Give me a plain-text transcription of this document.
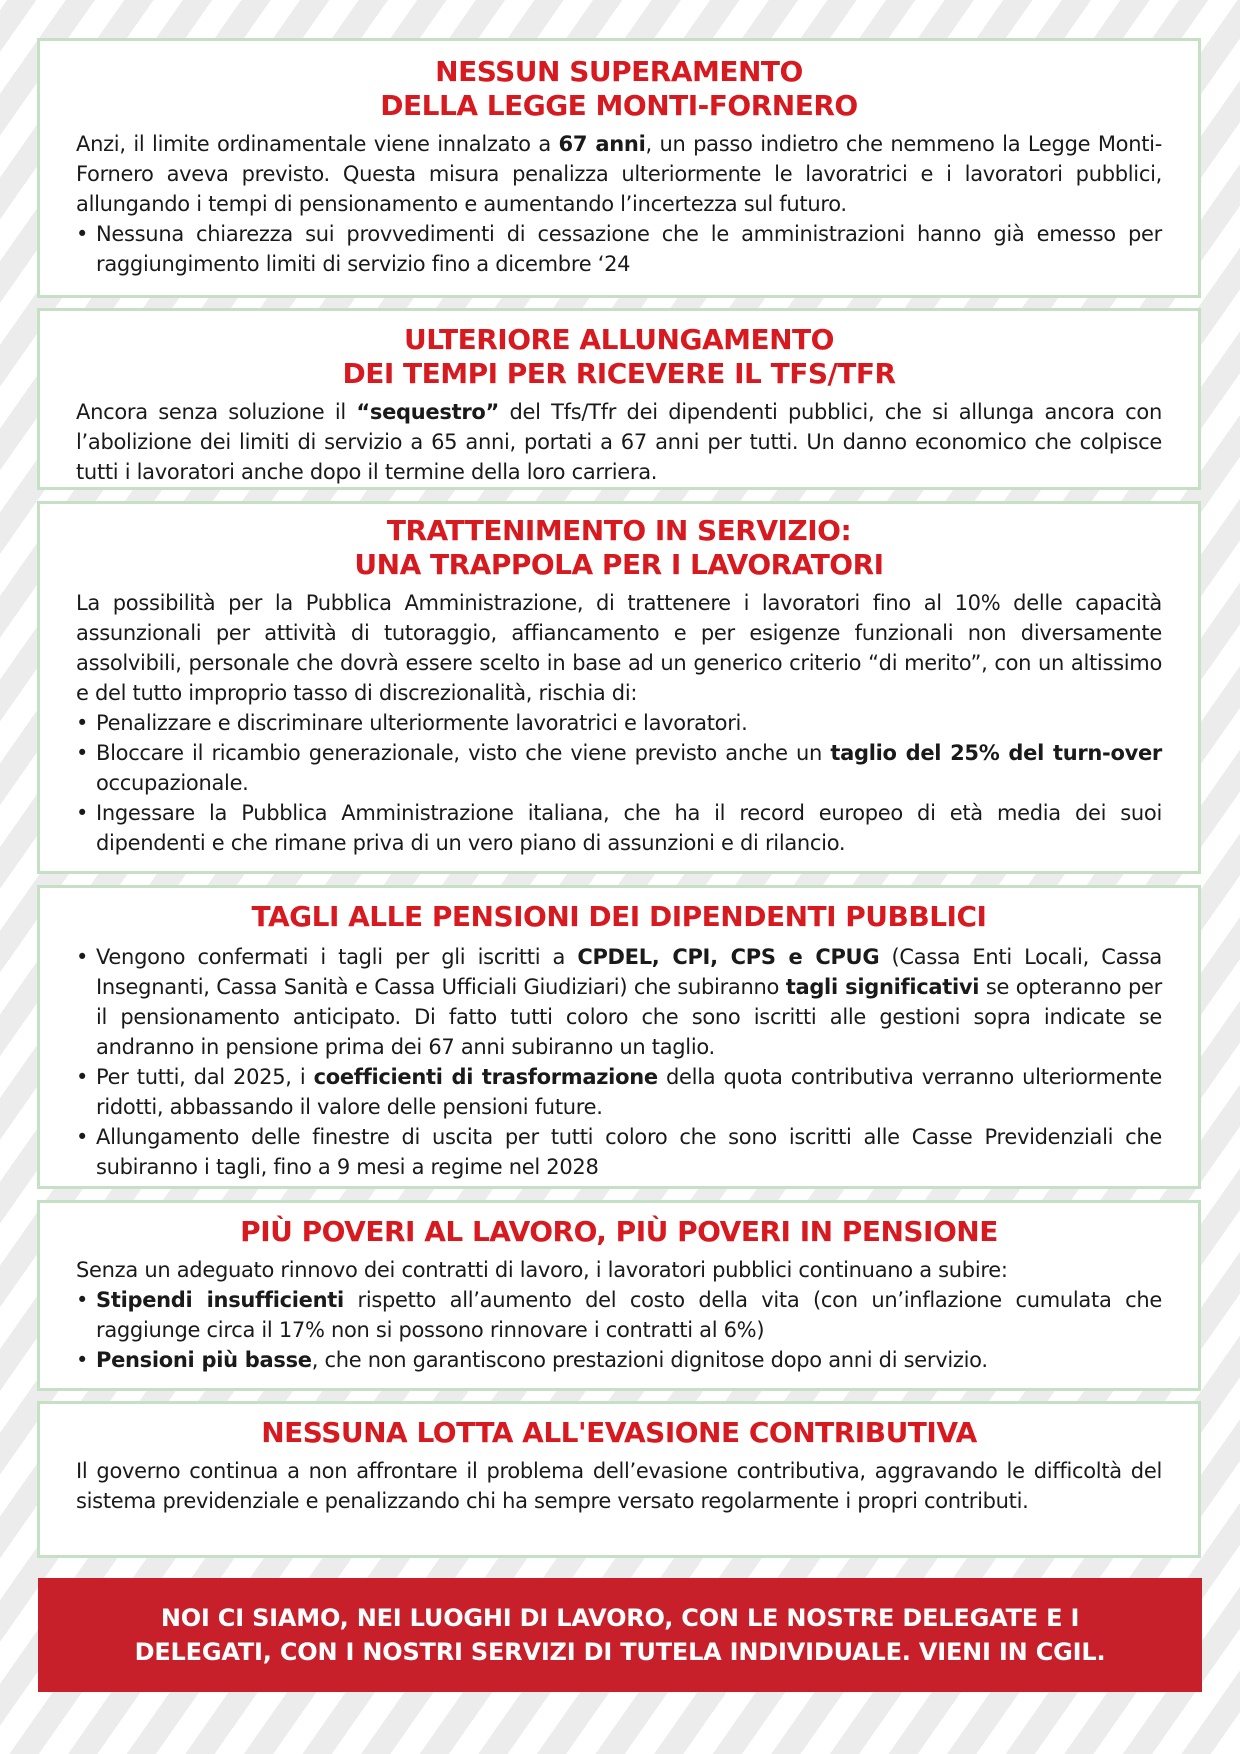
NESSUN SUPERAMENTO
DELLA LEGGE MONTI-FORNERO

Anzi, il limite ordinamentale viene innalzato a 67 anni, un passo indietro che nemmeno la Legge Monti-Fornero aveva previsto. Questa misura penalizza ulteriormente le lavoratrici e i lavoratori pubblici, allungando i tempi di pensionamento e aumentando l’incertezza sul futuro.

• Nessuna chiarezza sui provvedimenti di cessazione che le amministrazioni hanno già emesso per raggiungimento limiti di servizio fino a dicembre ‘24
ULTERIORE ALLUNGAMENTO
DEI TEMPI PER RICEVERE IL TFS/TFR

Ancora senza soluzione il “sequestro” del Tfs/Tfr dei dipendenti pubblici, che si allunga ancora con l’abolizione dei limiti di servizio a 65 anni, portati a 67 anni per tutti. Un danno economico che colpisce tutti i lavoratori anche dopo il termine della loro carriera.

TRATTENIMENTO IN SERVIZIO:
UNA TRAPPOLA PER I LAVORATORI

La possibilità per la Pubblica Amministrazione, di trattenere i lavoratori fino al 10% delle capacità assunzionali per attività di tutoraggio, affiancamento e per esigenze funzionali non diversamente assolvibili, personale che dovrà essere scelto in base ad un generico criterio “di merito”, con un altissimo e del tutto improprio tasso di discrezionalità, rischia di:

• Penalizzare e discriminare ulteriormente lavoratrici e lavoratori.
• Bloccare il ricambio generazionale, visto che viene previsto anche un taglio del 25% del turn-over occupazionale.
• Ingessare la Pubblica Amministrazione italiana, che ha il record europeo di età media dei suoi dipendenti e che rimane priva di un vero piano di assunzioni e di rilancio.
TAGLI ALLE PENSIONI DEI DIPENDENTI PUBBLICI
• Vengono confermati i tagli per gli iscritti a CPDEL, CPI, CPS e CPUG (Cassa Enti Locali, Cassa Insegnanti, Cassa Sanità e Cassa Ufficiali Giudiziari) che subiranno tagli significativi se opteranno per il pensionamento anticipato. Di fatto tutti coloro che sono iscritti alle gestioni sopra indicate se andranno in pensione prima dei 67 anni subiranno un taglio.
• Per tutti, dal 2025, i coefficienti di trasformazione della quota contributiva verranno ulteriormente ridotti, abbassando il valore delle pensioni future.
• Allungamento delle finestre di uscita per tutti coloro che sono iscritti alle Casse Previdenziali che subiranno i tagli, fino a 9 mesi a regime nel 2028
PIÙ POVERI AL LAVORO, PIÙ POVERI IN PENSIONE

Senza un adeguato rinnovo dei contratti di lavoro, i lavoratori pubblici continuano a subire:

• Stipendi insufficienti rispetto all’aumento del costo della vita (con un’inflazione cumulata che raggiunge circa il 17% non si possono rinnovare i contratti al 6%)
• Pensioni più basse, che non garantiscono prestazioni dignitose dopo anni di servizio.
NESSUNA LOTTA ALL'EVASIONE CONTRIBUTIVA

Il governo continua a non affrontare il problema dell’evasione contributiva, aggravando le difficoltà del sistema previdenziale e penalizzando chi ha sempre versato regolarmente i propri contributi.

NOI CI SIAMO, NEI LUOGHI DI LAVORO, CON LE NOSTRE DELEGATE E I
DELEGATI, CON I NOSTRI SERVIZI DI TUTELA INDIVIDUALE. VIENI IN CGIL.
